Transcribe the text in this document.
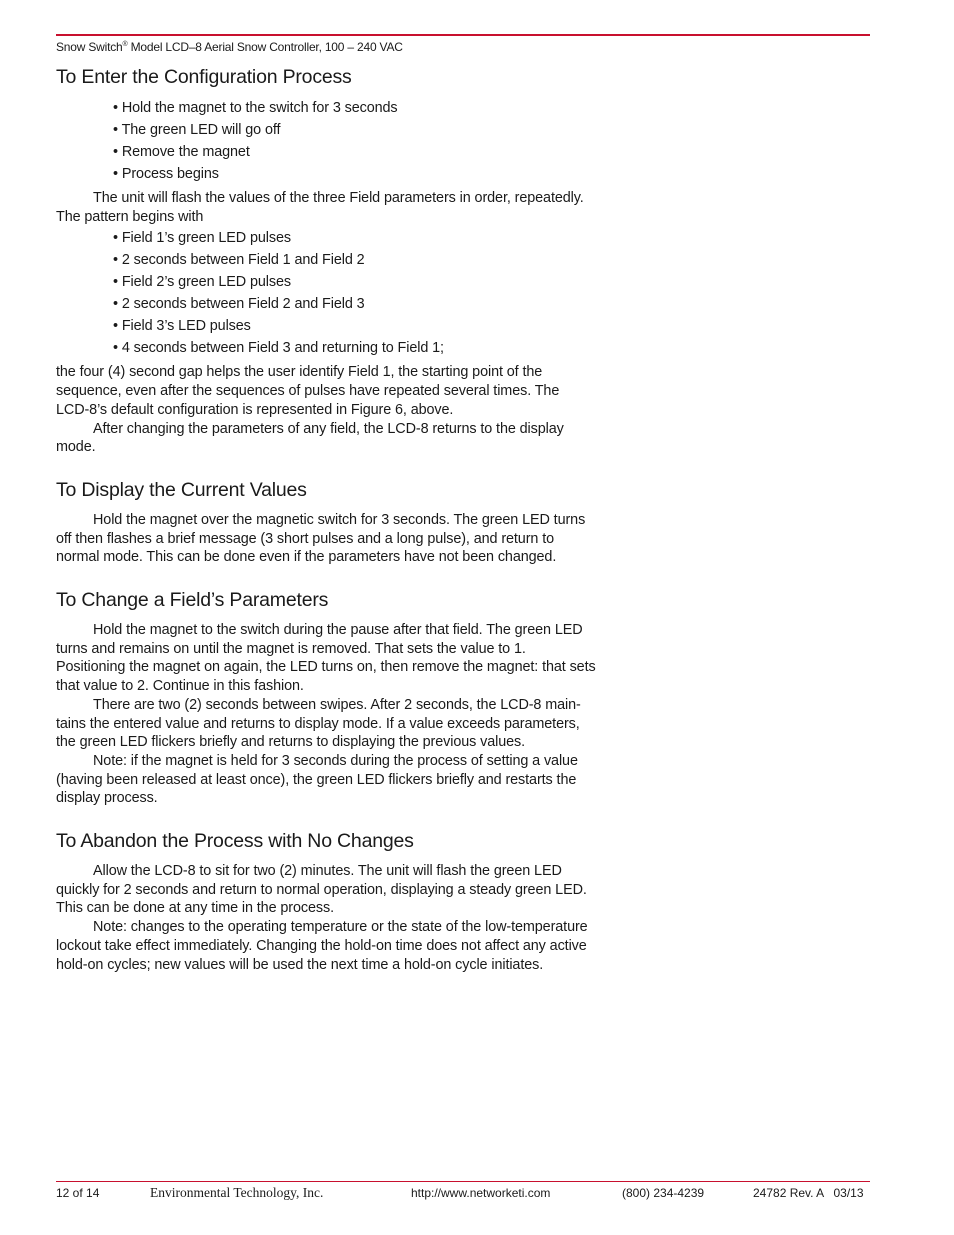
Snow Switch® Model LCD–8 Aerial Snow Controller, 100 – 240 VAC
To Enter the Configuration Process
• Hold the magnet to the switch for 3 seconds
• The green LED will go off
• Remove the magnet
• Process begins

The unit will flash the values of the three Field parameters in order, repeatedly. The pattern begins with

• Field 1’s green LED pulses
• 2 seconds between Field 1 and Field 2
• Field 2’s green LED pulses
• 2 seconds between Field 2 and Field 3
• Field 3’s LED pulses
• 4 seconds between Field 3 and returning to Field 1;

the four (4) second gap helps the user identify Field 1, the starting point of the sequence, even after the sequences of pulses have repeated several times. The LCD-8’s default configuration is represented in Figure 6, above.

After changing the parameters of any field, the LCD-8 returns to the display mode.

To Display the Current Values

Hold the magnet over the magnetic switch for 3 seconds. The green LED turns off then flashes a brief message (3 short pulses and a long pulse), and return to normal mode. This can be done even if the parameters have not been changed.

To Change a Field’s Parameters

Hold the magnet to the switch during the pause after that field. The green LED turns and remains on until the magnet is removed. That sets the value to 1. Positioning the magnet on again, the LED turns on, then remove the magnet: that sets that value to 2. Continue in this fashion.

There are two (2) seconds between swipes. After 2 seconds, the LCD-8 main-tains the entered value and returns to display mode. If a value exceeds parameters, the green LED flickers briefly and returns to displaying the previous values.

Note: if the magnet is held for 3 seconds during the process of setting a value (having been released at least once), the green LED flickers briefly and restarts the display process.

To Abandon the Process with No Changes

Allow the LCD-8 to sit for two (2) minutes. The unit will flash the green LED quickly for 2 seconds and return to normal operation, displaying a steady green LED. This can be done at any time in the process.

Note: changes to the operating temperature or the state of the low-temperature lockout take effect immediately. Changing the hold-on time does not affect any active hold-on cycles; new values will be used the next time a hold-on cycle initiates.

12 of 14	Environmental Technology, Inc.	http://www.networketi.com	(800) 234-4239	24782 Rev. A   03/13
